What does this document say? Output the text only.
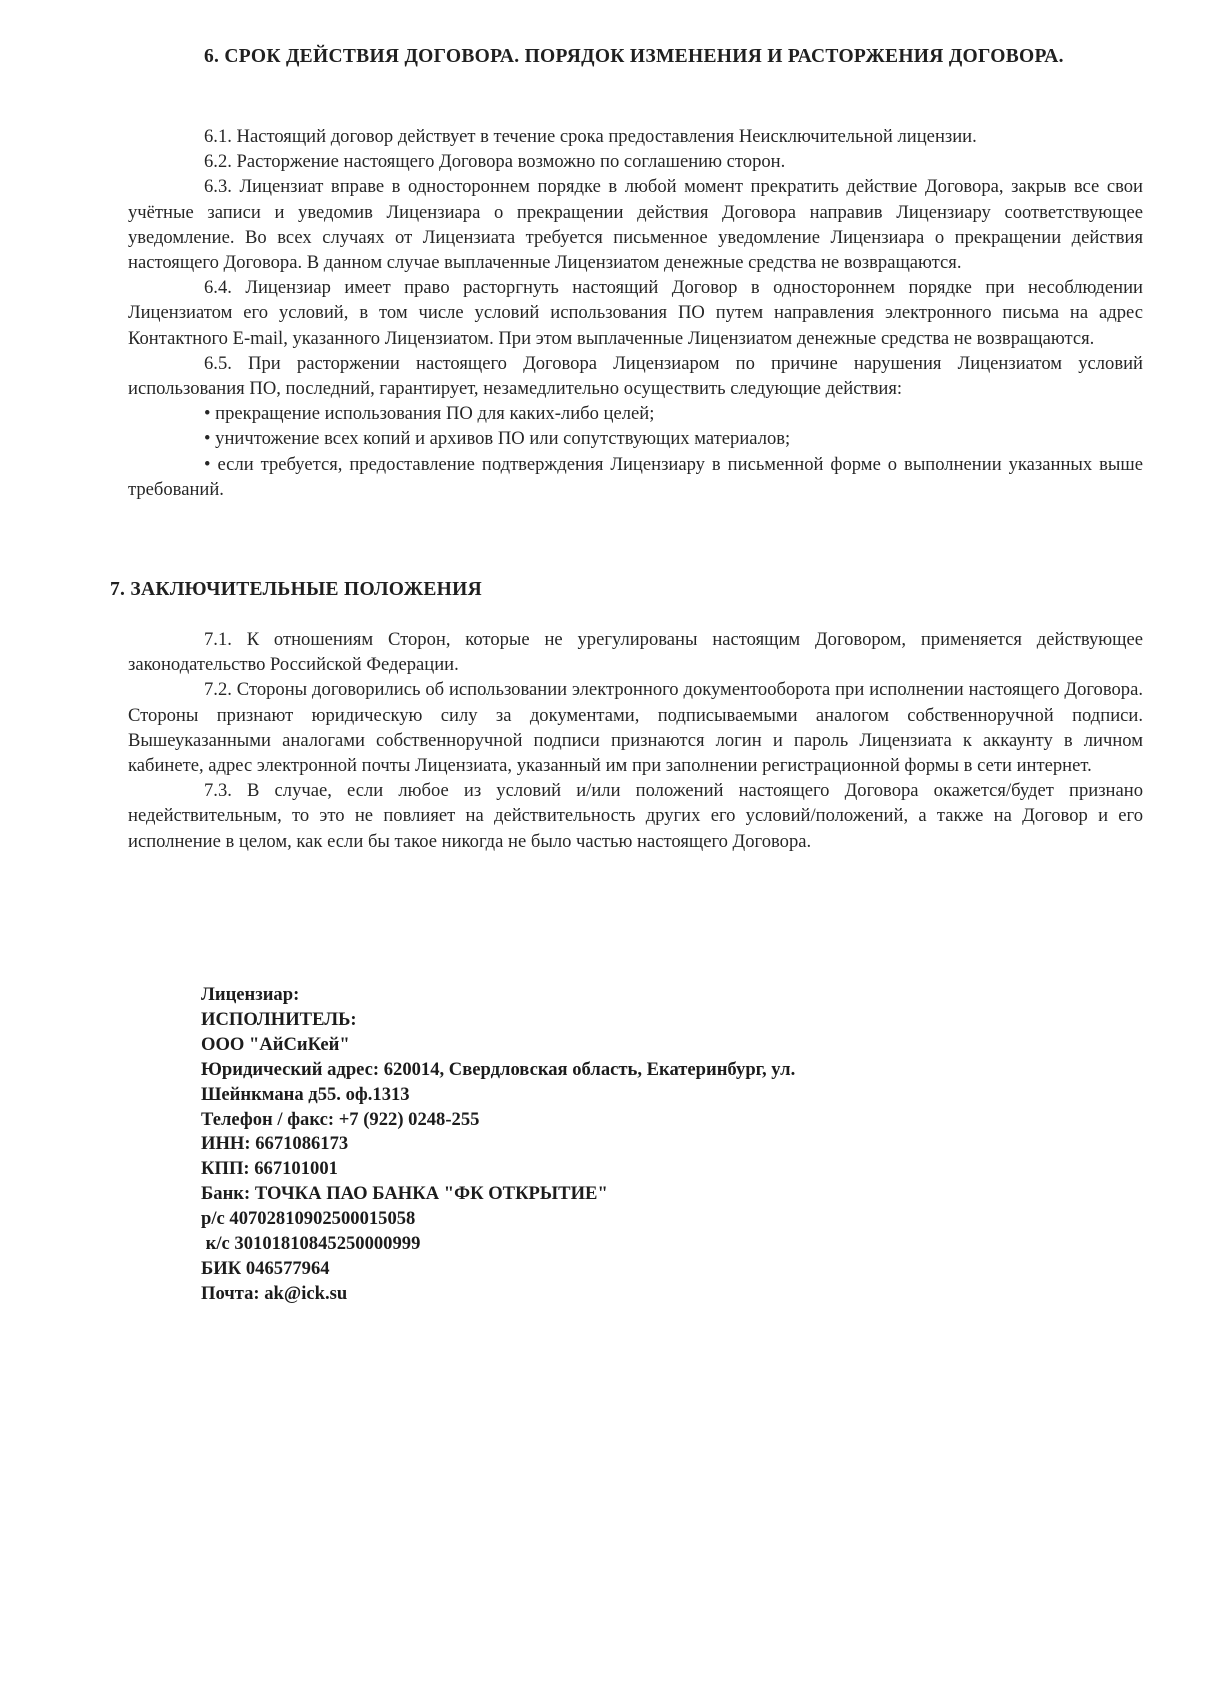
6. СРОК ДЕЙСТВИЯ ДОГОВОРА. ПОРЯДОК ИЗМЕНЕНИЯ И РАСТОРЖЕНИЯ ДОГОВОРА.

6.1. Настоящий договор действует в течение срока предоставления Неисключительной лицензии.

6.2. Расторжение настоящего Договора возможно по соглашению сторон.

6.3. Лицензиат вправе в одностороннем порядке в любой момент прекратить действие Договора, закрыв все свои учётные записи и уведомив Лицензиара о прекращении действия Договора направив Лицензиару соответствующее уведомление. Во всех случаях от Лицензиата требуется письменное уведомление Лицензиара о прекращении действия настоящего Договора. В данном случае выплаченные Лицензиатом денежные средства не возвращаются.

6.4. Лицензиар имеет право расторгнуть настоящий Договор в одностороннем порядке при несоблюдении Лицензиатом его условий, в том числе условий использования ПО путем направления электронного письма на адрес Контактного E-mail, указанного Лицензиатом. При этом выплаченные Лицензиатом денежные средства не возвращаются.

6.5. При расторжении настоящего Договора Лицензиаром по причине нарушения Лицензиатом условий использования ПО, последний, гарантирует, незамедлительно осуществить следующие действия:

• прекращение использования ПО для каких-либо целей;

• уничтожение всех копий и архивов ПО или сопутствующих материалов;

• если требуется, предоставление подтверждения Лицензиару в письменной форме о выполнении указанных выше требований.

7. ЗАКЛЮЧИТЕЛЬНЫЕ ПОЛОЖЕНИЯ

7.1. К отношениям Сторон, которые не урегулированы настоящим Договором, применяется действующее законодательство Российской Федерации.

7.2. Стороны договорились об использовании электронного документооборота при исполнении настоящего Договора. Стороны признают юридическую силу за документами, подписываемыми аналогом собственноручной подписи. Вышеуказанными аналогами собственноручной подписи признаются логин и пароль Лицензиата к аккаунту в личном кабинете, адрес электронной почты Лицензиата, указанный им при заполнении регистрационной формы в сети интернет.

7.3. В случае, если любое из условий и/или положений настоящего Договора окажется/будет признано недействительным, то это не повлияет на действительность других его условий/положений, а также на Договор и его исполнение в целом, как если бы такое никогда не было частью настоящего Договора.

Лицензиар:
ИСПОЛНИТЕЛЬ:
ООО "АйСиКей"
Юридический адрес: 620014, Свердловская область, Екатеринбург, ул.
Шейнкмана д55. оф.1313
Телефон / факс: +7 (922) 0248-255
ИНН: 6671086173
КПП: 667101001
Банк: ТОЧКА ПАО БАНКА "ФК ОТКРЫТИЕ"
р/с 40702810902500015058
к/с 30101810845250000999
БИК 046577964
Почта: ak@ick.su
